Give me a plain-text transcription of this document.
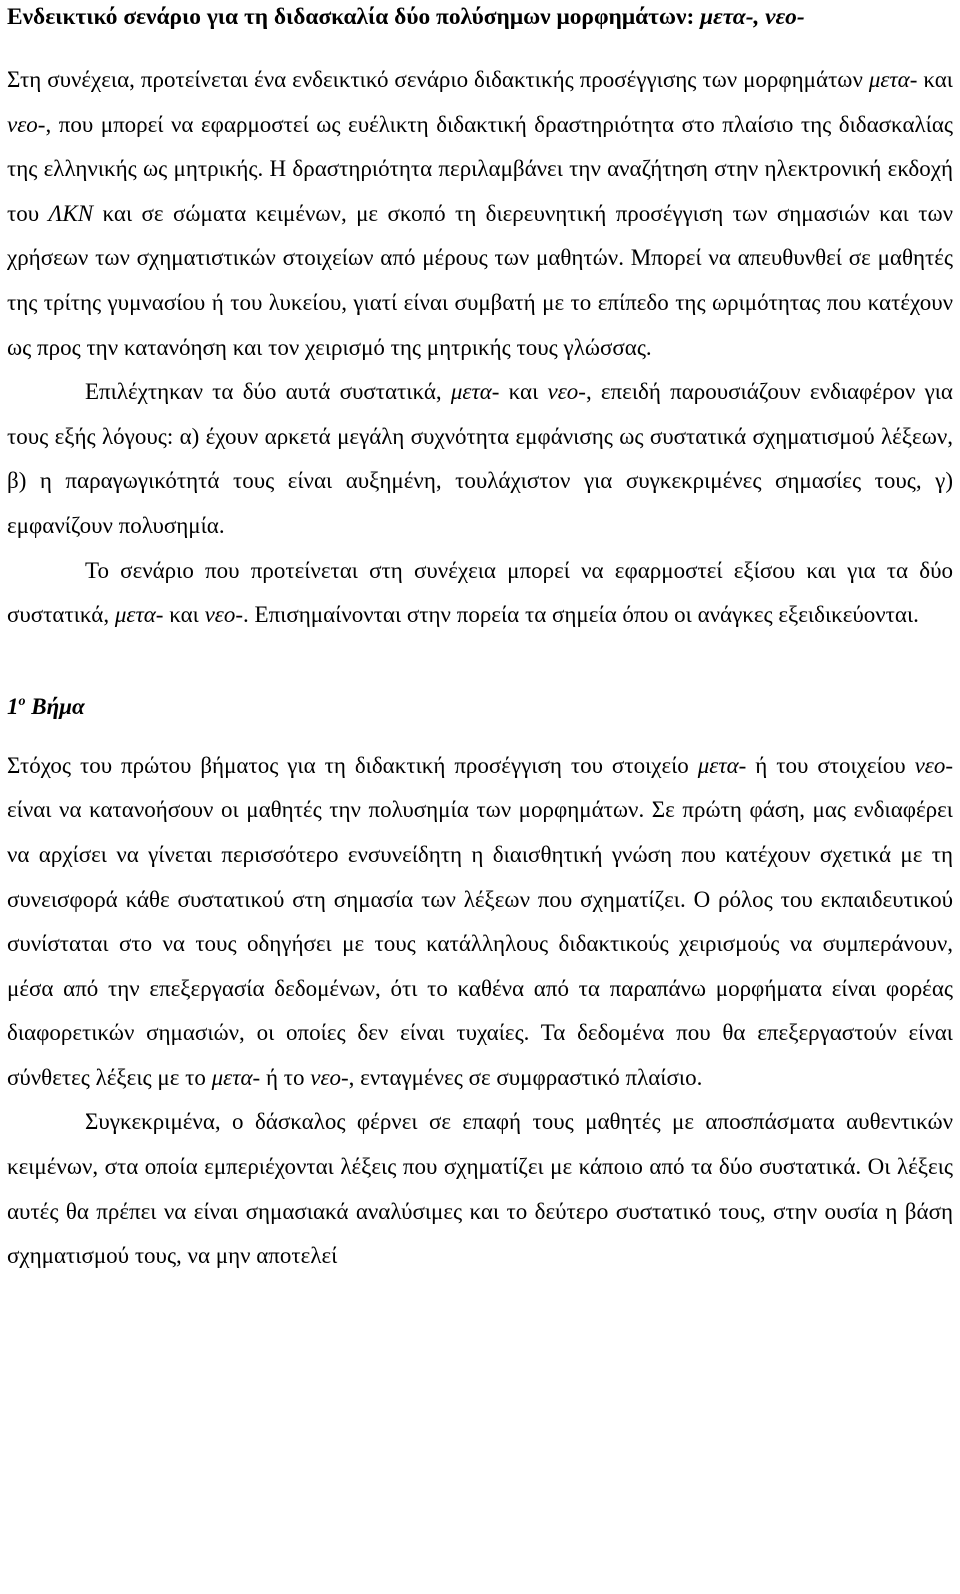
Ενδεικτικό σενάριο για τη διδασκαλία δύο πολύσημων μορφημάτων: μετα-, νεο-

Στη συνέχεια, προτείνεται ένα ενδεικτικό σενάριο διδακτικής προσέγγισης των μορφημάτων μετα- και νεο-, που μπορεί να εφαρμοστεί ως ευέλικτη διδακτική δραστηριότητα στο πλαίσιο της διδασκαλίας της ελληνικής ως μητρικής. Η δραστηριότητα περιλαμβάνει την αναζήτηση στην ηλεκτρονική εκδοχή του ΛΚΝ και σε σώματα κειμένων, με σκοπό τη διερευνητική προσέγγιση των σημασιών και των χρήσεων των σχηματιστικών στοιχείων από μέρους των μαθητών. Μπορεί να απευθυνθεί σε μαθητές της τρίτης γυμνασίου ή του λυκείου, γιατί είναι συμβατή με το επίπεδο της ωριμότητας που κατέχουν ως προς την κατανόηση και τον χειρισμό της μητρικής τους γλώσσας.

Επιλέχτηκαν τα δύο αυτά συστατικά, μετα- και νεο-, επειδή παρουσιάζουν ενδιαφέρον για τους εξής λόγους: α) έχουν αρκετά μεγάλη συχνότητα εμφάνισης ως συστατικά σχηματισμού λέξεων, β) η παραγωγικότητά τους είναι αυξημένη, τουλάχιστον για συγκεκριμένες σημασίες τους, γ) εμφανίζουν πολυσημία.

Το σενάριο που προτείνεται στη συνέχεια μπορεί να εφαρμοστεί εξίσου και για τα δύο συστατικά, μετα- και νεο-. Επισημαίνονται στην πορεία τα σημεία όπου οι ανάγκες εξειδικεύονται.

$1^o$ Βήμα

Στόχος του πρώτου βήματος για τη διδακτική προσέγγιση του στοιχείο μετα- ή του στοιχείου νεο- είναι να κατανοήσουν οι μαθητές την πολυσημία των μορφημάτων. Σε πρώτη φάση, μας ενδιαφέρει να αρχίσει να γίνεται περισσότερο ενσυνείδητη η διαισθητική γνώση που κατέχουν σχετικά με τη συνεισφορά κάθε συστατικού στη σημασία των λέξεων που σχηματίζει. Ο ρόλος του εκπαιδευτικού συνίσταται στο να τους οδηγήσει με τους κατάλληλους διδακτικούς χειρισμούς να συμπεράνουν, μέσα από την επεξεργασία δεδομένων, ότι το καθένα από τα παραπάνω μορφήματα είναι φορέας διαφορετικών σημασιών, οι οποίες δεν είναι τυχαίες. Τα δεδομένα που θα επεξεργαστούν είναι σύνθετες λέξεις με το μετα- ή το νεο-, ενταγμένες σε συμφραστικό πλαίσιο.

Συγκεκριμένα, ο δάσκαλος φέρνει σε επαφή τους μαθητές με αποσπάσματα αυθεντικών κειμένων, στα οποία εμπεριέχονται λέξεις που σχηματίζει με κάποιο από τα δύο συστατικά. Οι λέξεις αυτές θα πρέπει να είναι σημασιακά αναλύσιμες και το δεύτερο συστατικό τους, στην ουσία η βάση σχηματισμού τους, να μην αποτελεί
